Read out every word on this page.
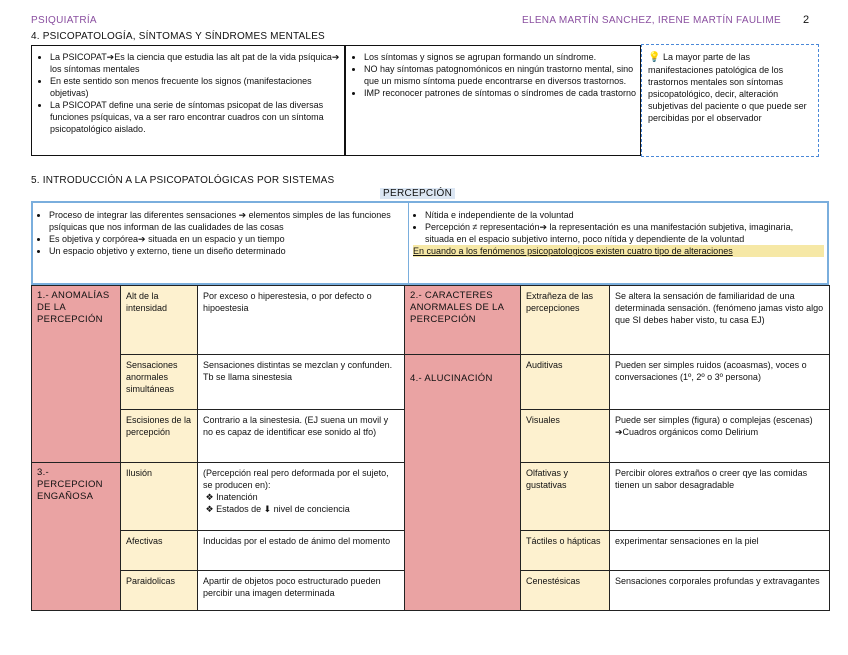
PSIQUIATRÍA	ELENA MARTÍN SANCHEZ, IRENE MARTÍN FAULIME 2
4. PSICOPATOLOGÍA, SÍNTOMAS Y SÍNDROMES MENTALES
• La PSICOPAT➔Es la ciencia que estudia las alt pat de la vida psíquica➔ los síntomas mentales
• En este sentido son menos frecuente los signos (manifestaciones objetivas)
• La PSICOPAT define una serie de síntomas psicopat de las diversas funciones psíquicas, va a ser raro encontrar cuadros con un síntoma psicopatológico aislado.
• Los síntomas y signos se agrupan formando un síndrome.
• NO hay síntomas patognomónicos en ningún trastorno mental, sino que un mismo síntoma puede encontrarse en diversos trastornos.
• IMP reconocer patrones de síntomas o síndromes de cada trastorno
💡 La mayor parte de las manifestaciones patológica de los trastornos mentales son síntomas psicopatológico, decir, alteración subjetivas del paciente o que puede ser percibidas por el observador
5. INTRODUCCIÓN A LA PSICOPATOLÓGICAS POR SISTEMAS
PERCEPCIÓN
• Proceso de integrar las diferentes sensaciones ➔ elementos simples de las funciones psíquicas que nos informan de las cualidades de las cosas
• Es objetiva y corpórea➔ situada en un espacio y un tiempo
• Un espacio objetivo y externo, tiene un diseño determinado
• Nítida e independiente de la voluntad
• Percepción ≠ representación➔ la representación es una manifestación subjetiva, imaginaria, situada en el espacio subjetivo interno, poco nítida y dependiente de la voluntad
En cuando a los fenómenos psicopatologicos existen cuatro tipo de alteraciones
1.- ANOMALÍAS DE LA PERCEPCIÓN	Alt de la intensidad	Por exceso o hiperestesia, o por defecto o hipoestesia	2.- CARACTERES ANORMALES DE LA PERCEPCIÓN	Extrañeza de las percepciones	Se altera la sensación de familiaridad de una determinada sensación. (fenómeno jamas visto algo que SI debes haber visto, tu casa EJ)
	Sensaciones anormales simultáneas	Sensaciones distintas se mezclan y confunden. Tb se llama sinestesia	4.- ALUCINACIÓN	Auditivas	Pueden ser simples ruidos (acoasmas), voces o conversaciones (1º, 2º o 3º persona)
	Escisiones de la percepción	Contrario a la sinestesia. (EJ suena un movil y no es capaz de identificar ese sonido al tfo)		Visuales	Puede ser simples (figura) o complejas (escenas) ➔Cuadros orgánicos como Delirium
3.- PERCEPCION ENGAÑOSA	Ilusión	(Percepción real pero deformada por el sujeto, se producen en):
❖ Inatención
❖ Estados de ⬇ nivel de conciencia		Olfativas y gustativas	Percibir olores extraños o creer qye las comidas tienen un sabor desagradable
	Afectivas	Inducidas por el estado de ánimo del momento		Táctiles o hápticas	experimentar sensaciones en la piel
	Paraidolicas	Apartir de objetos poco estructurado pueden percibir una imagen determinada		Cenestésicas	Sensaciones corporales profundas y extravagantes
